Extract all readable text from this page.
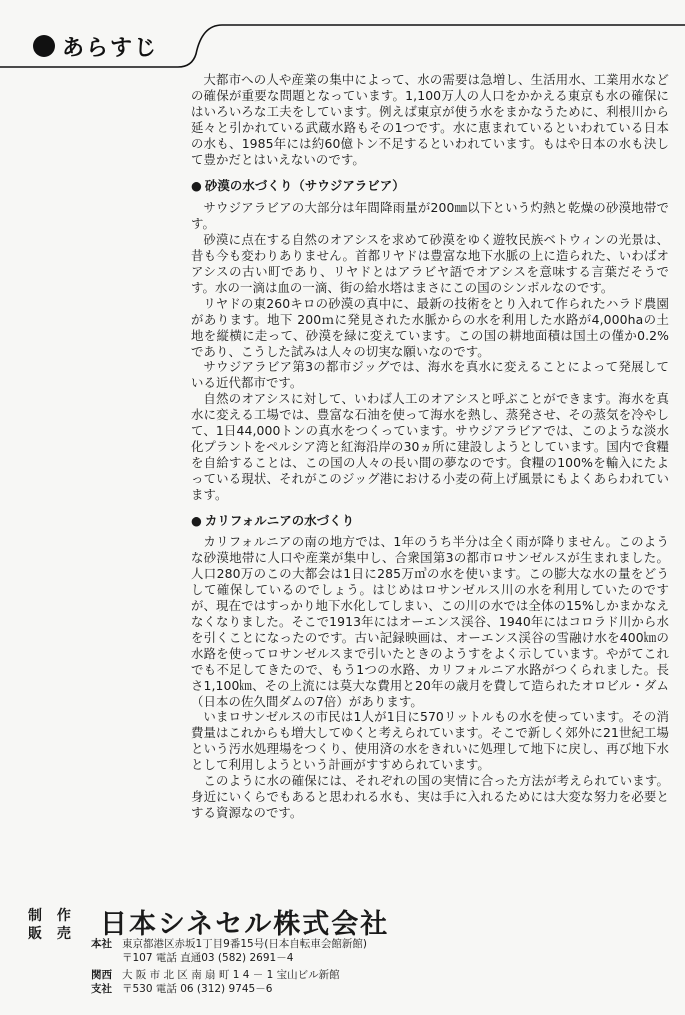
あらすじ

大都市への人や産業の集中によって、水の需要は急増し、生活用水、工業用水などの確保が重要な問題となっています。1,100万人の人口をかかえる東京も水の確保にはいろいろな工夫をしています。例えば東京が使う水をまかなうために、利根川から延々と引かれている武蔵水路もその1つです。水に恵まれているといわれている日本の水も、1985年には約60億トン不足するといわれています。もはや日本の水も決して豊かだとはいえないのです。

● 砂漠の水づくり（サウジアラビア）

サウジアラビアの大部分は年間降雨量が200㎜以下という灼熱と乾燥の砂漠地帯です。

砂漠に点在する自然のオアシスを求めて砂漠をゆく遊牧民族ベトウィンの光景は、昔も今も変わりありません。首都リヤドは豊富な地下水脈の上に造られた、いわばオアシスの古い町であり、リヤドとはアラビヤ語でオアシスを意味する言葉だそうです。水の一滴は血の一滴、街の給水塔はまさにこの国のシンボルなのです。

リヤドの東260キロの砂漠の真中に、最新の技術をとり入れて作られたハラド農園があります。地下 200ｍに発見された水脈からの水を利用した水路が4,000haの土地を縦横に走って、砂漠を緑に変えています。この国の耕地面積は国土の僅か0.2%であり、こうした試みは人々の切実な願いなのです。

サウジアラビア第3の都市ジッグでは、海水を真水に変えることによって発展している近代都市です。

自然のオアシスに対して、いわば人工のオアシスと呼ぶことができます。海水を真水に変える工場では、豊富な石油を使って海水を熱し、蒸発させ、その蒸気を冷やして、1日44,000トンの真水をつくっています。サウジアラビアでは、このような淡水化プラントをペルシア湾と紅海沿岸の30ヵ所に建設しようとしています。国内で食糧を自給することは、この国の人々の長い間の夢なのです。食糧の100%を輸入にたよっている現状、それがこのジッグ港における小麦の荷上げ風景にもよくあらわれています。

● カリフォルニアの水づくり

カリフォルニアの南の地方では、1年のうち半分は全く雨が降りません。このような砂漠地帯に人口や産業が集中し、合衆国第3の都市ロサンゼルスが生まれました。人口280万のこの大都会は1日に285万㎥の水を使います。この膨大な水の量をどうして確保しているのでしょう。はじめはロサンゼルス川の水を利用していたのですが、現在ではすっかり地下水化してしまい、この川の水では全体の15%しかまかなえなくなりました。そこで1913年にはオーエンス渓谷、1940年にはコロラド川から水を引くことになったのです。古い記録映画は、オーエンス渓谷の雪融け水を400㎞の水路を使ってロサンゼルスまで引いたときのようすをよく示しています。やがてこれでも不足してきたので、もう1つの水路、カリフォルニア水路がつくられました。長さ1,100㎞、その上流には莫大な費用と20年の歳月を費して造られたオロビル・ダム（日本の佐久間ダムの7倍）があります。

いまロサンゼルスの市民は1人が1日に570リットルもの水を使っています。その消費量はこれからも増大してゆくと考えられています。そこで新しく郊外に21世紀工場という汚水処理場をつくり、使用済の水をきれいに処理して地下に戻し、再び地下水として利用しようという計画がすすめられています。

このように水の確保には、それぞれの国の実情に合った方法が考えられています。身近にいくらでもあると思われる水も、実は手に入れるためには大変な努力を必要とする資源なのです。

制 作
販 売 日本シネセル株式会社
本社 東京都港区赤坂1丁目9番15号(日本自転車会館新館)
〒107 電話 直通03 (582) 2691－4
関西 大 阪 市 北 区 南 扇 町 1 4 － 1 宝山ビル新館
支社 〒530 電話 06 (312) 9745－6
